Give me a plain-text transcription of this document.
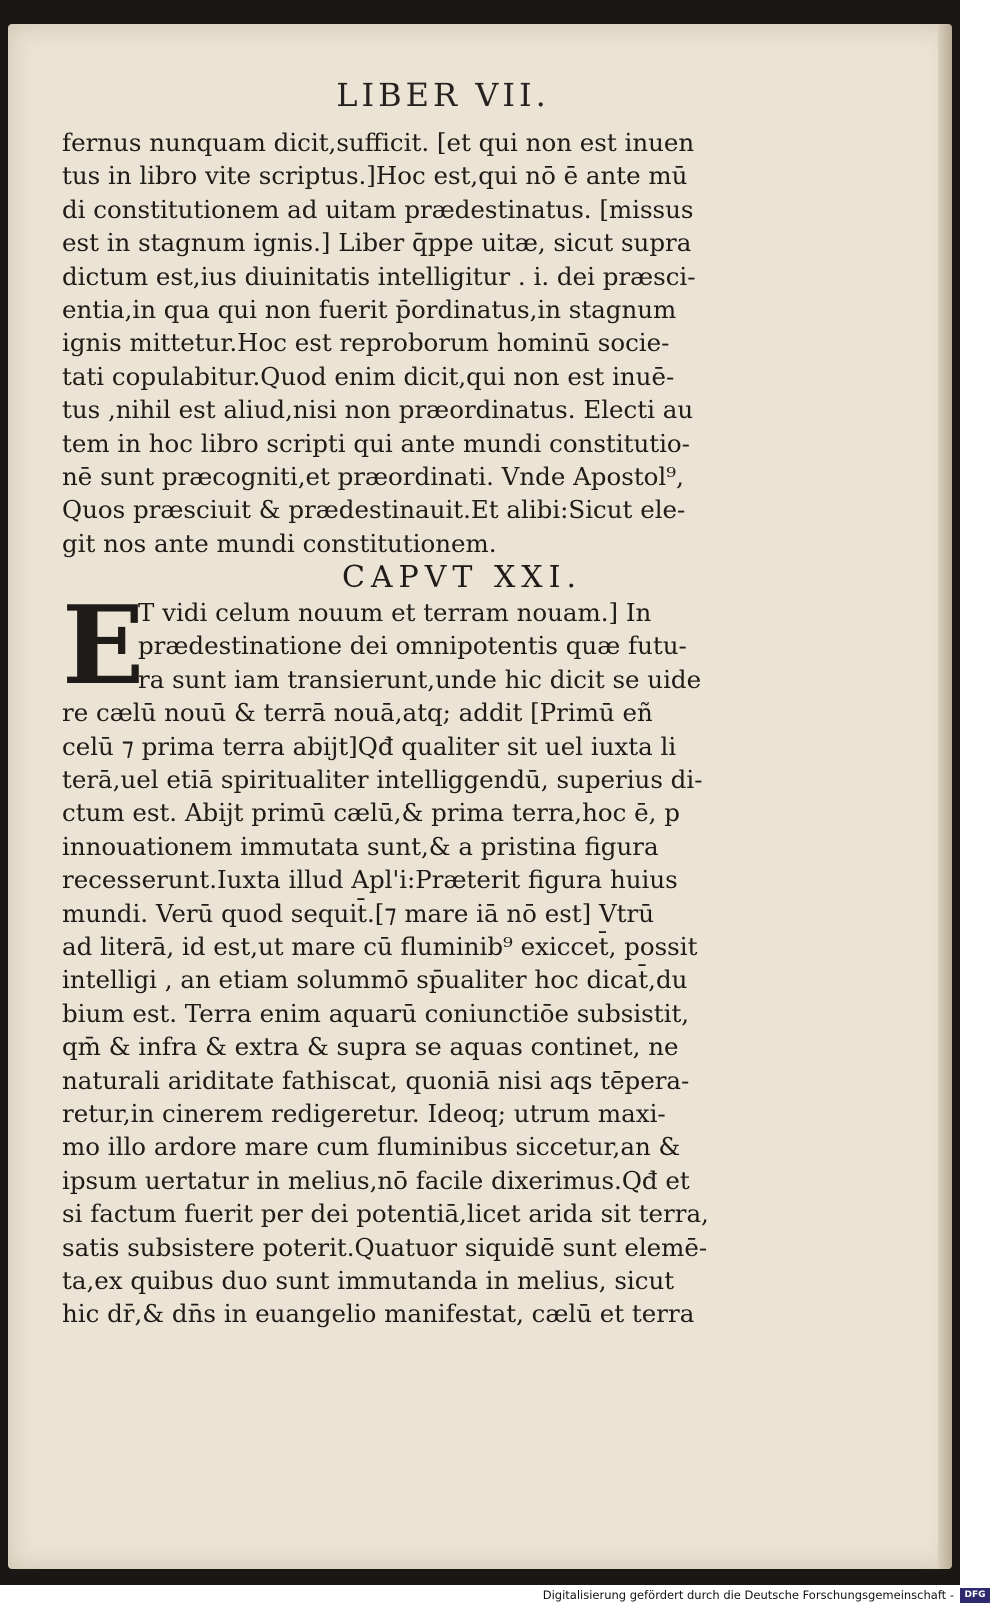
LIBER VII.
fernus nunquam dicit,sufficit. [et qui non est inuen
tus in libro vite scriptus.]Hoc est,qui nō ē ante mū
di constitutionem ad uitam prædestinatus. [missus
est in stagnum ignis.] Liber q̄ppe uitæ, sicut supra
dictum est,ius diuinitatis intelligitur . i. dei præsci-
entia,in qua qui non fuerit p̄ordinatus,in stagnum
ignis mittetur.Hoc est reproborum hominū socie-
tati copulabitur.Quod enim dicit,qui non est inuē-
tus ,nihil est aliud,nisi non præordinatus. Electi au
tem in hoc libro scripti qui ante mundi constitutio-
nē sunt præcogniti,et præordinati. Vnde Apostol⁹,
Quos præsciuit & prædestinauit.Et alibi:Sicut ele-
git nos ante mundi constitutionem.
CAPVT XXI.
E
T vidi celum nouum et terram nouam.] In
prædestinatione dei omnipotentis quæ futu-
ra sunt iam transierunt,unde hic dicit se uide
re cælū nouū & terrā nouā,atq; addit [Primū eñ
celū ⁊ prima terra abijt]Qđ qualiter sit uel iuxta li
terā,uel etiā spiritualiter intelliggendū, superius di-
ctum est. Abijt primū cælū,& prima terra,hoc ē, p
innouationem immutata sunt,& a pristina figura
recesserunt.Iuxta illud Apl'i:Præterit figura huius
mundi. Verū quod sequit̄.[⁊ mare iā nō est] Vtrū
ad literā, id est,ut mare cū fluminib⁹ exiccet̄, possit
intelligi , an etiam solummō sp̄ualiter hoc dicat̄,du
bium est. Terra enim aquarū coniunctiōe subsistit,
qm̄ & infra & extra & supra se aquas continet, ne
naturali ariditate fathiscat, quoniā nisi aqs tēpera-
retur,in cinerem redigeretur. Ideoq; utrum maxi-
mo illo ardore mare cum fluminibus siccetur,an &
ipsum uertatur in melius,nō facile dixerimus.Qđ et
si factum fuerit per dei potentiā,licet arida sit terra,
satis subsistere poterit.Quatuor siquidē sunt elemē-
ta,ex quibus duo sunt immutanda in melius, sicut
hic dr̄,& dn̄s in euangelio manifestat, cælū et terra
Digitalisierung gefördert durch die Deutsche Forschungsgemeinschaft -	DFG
